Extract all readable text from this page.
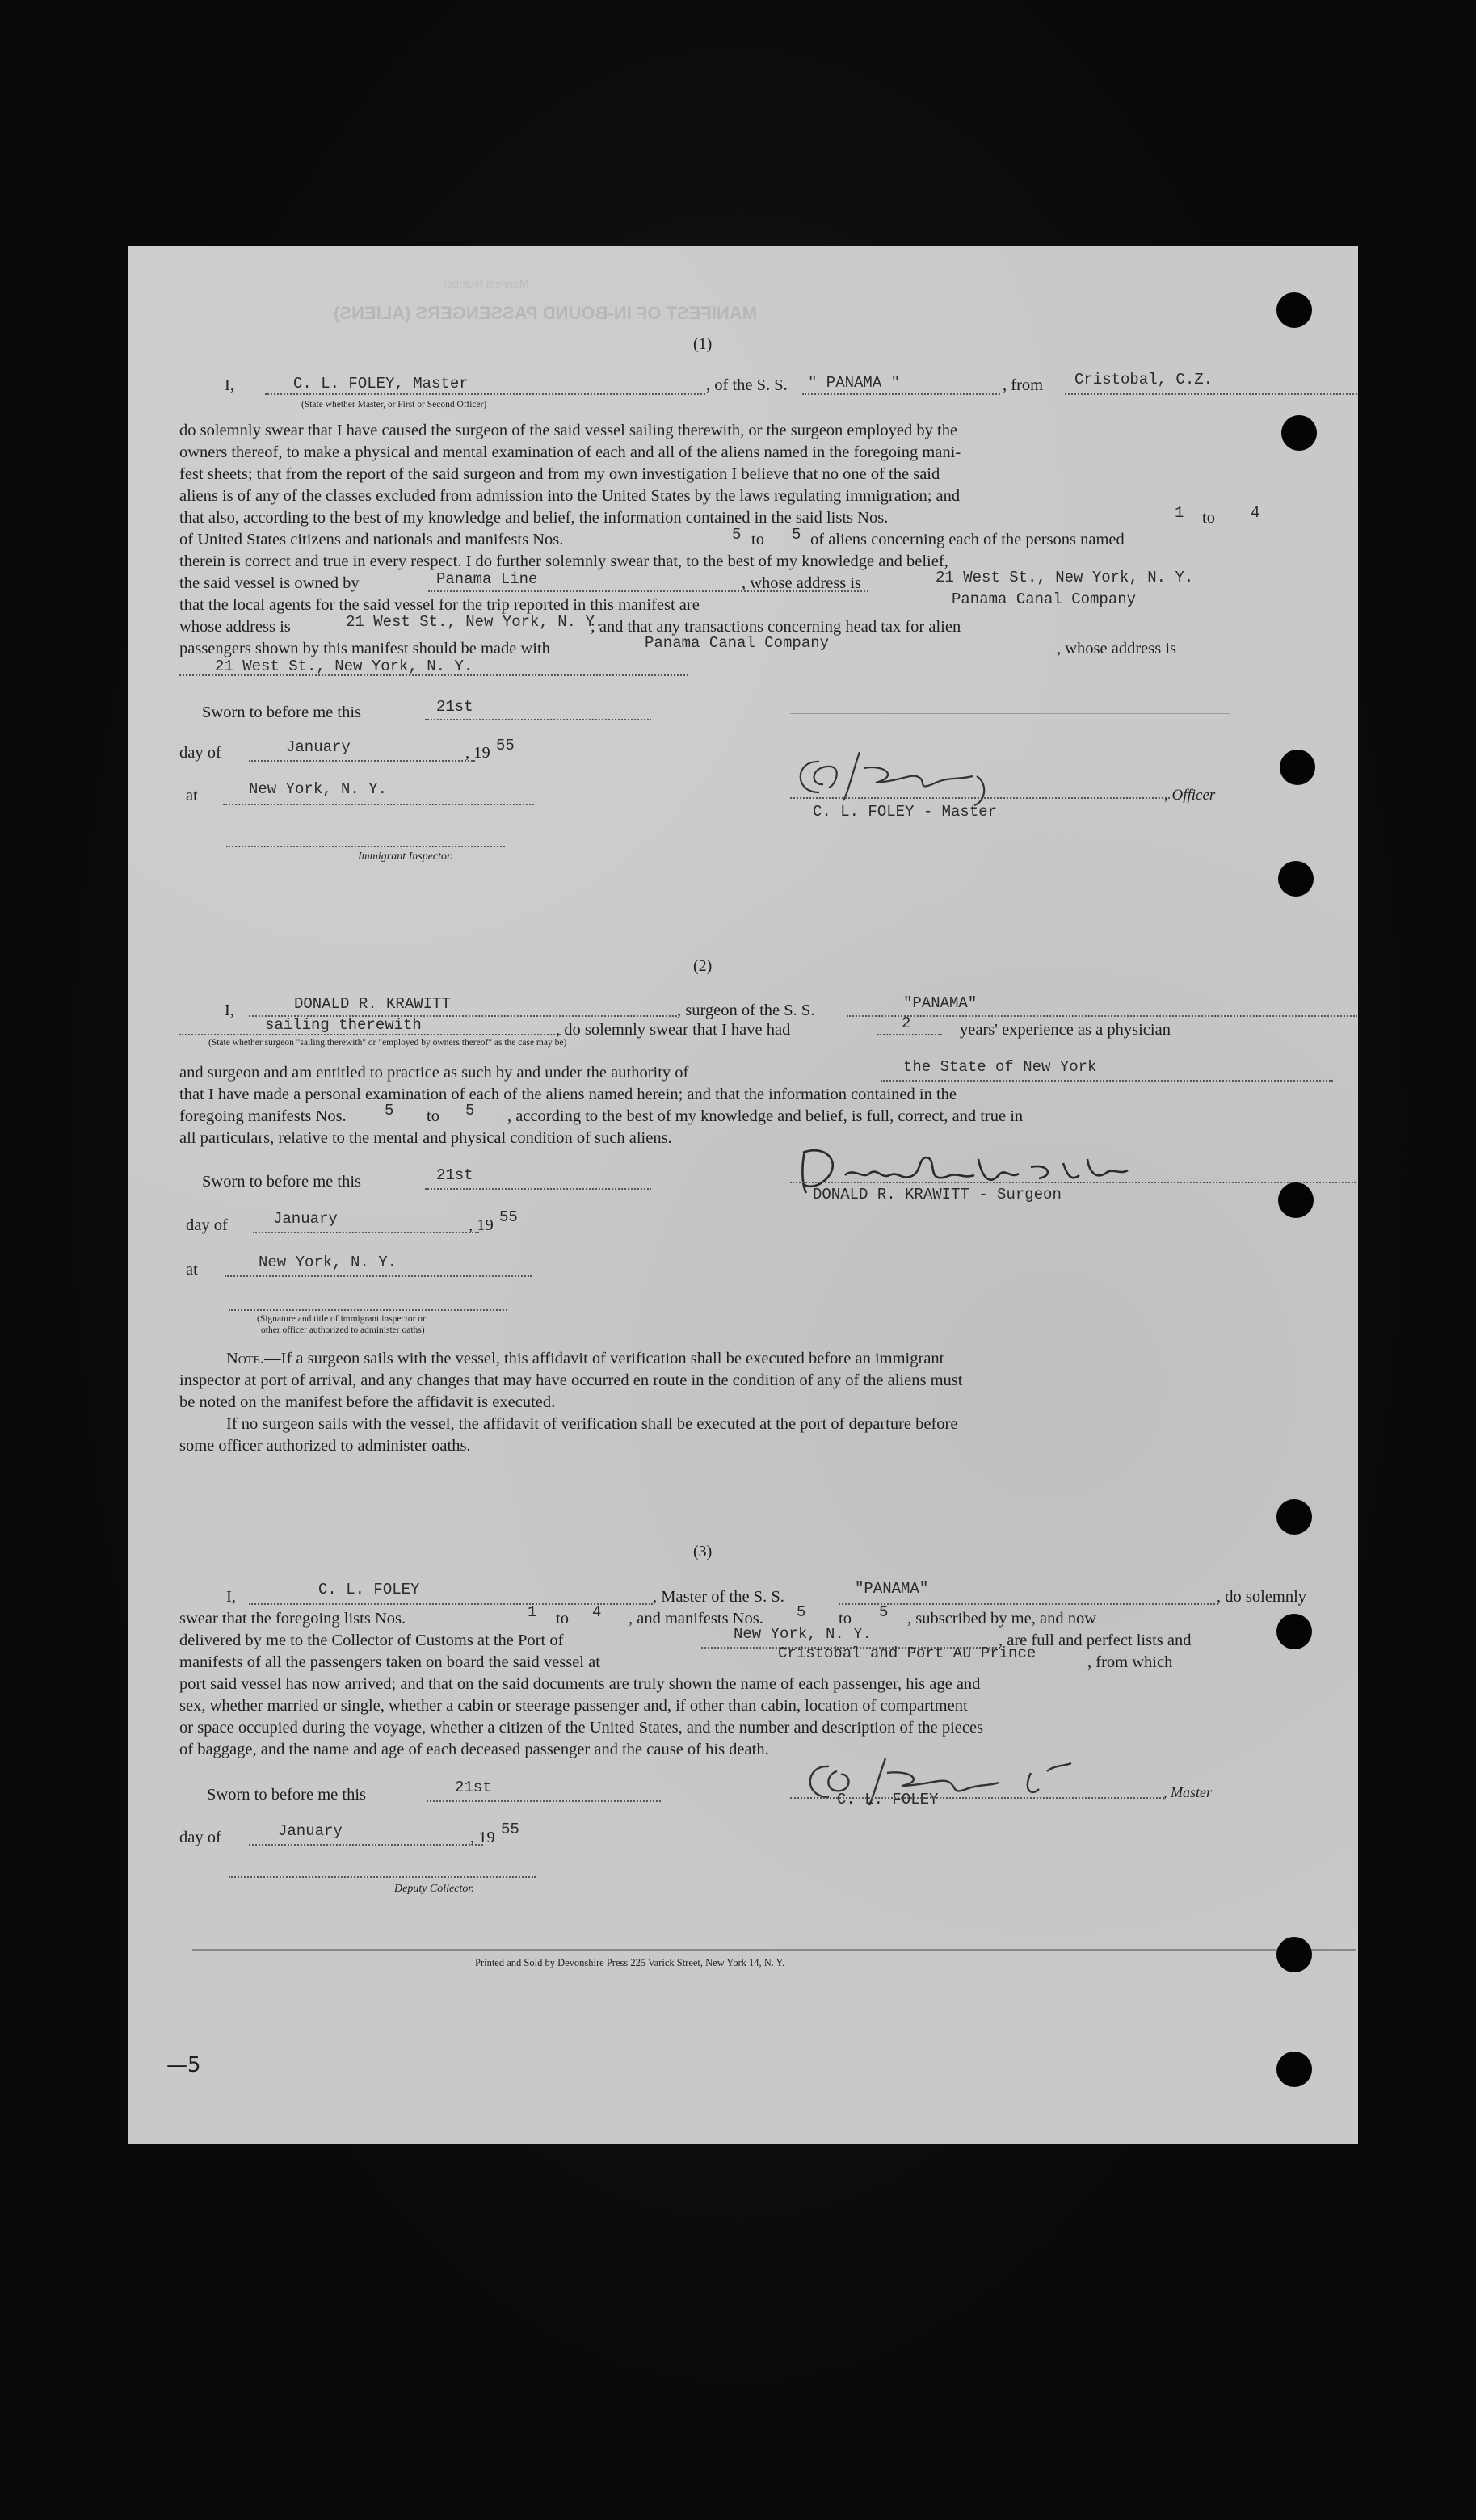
MANIFEST OF IN-BOUND PASSENGERS (ALIENS)
Manifest Number
(1)
I,	C. L. FOLEY, Master
(State whether Master, or First or Second Officer)
, of the S. S. " PANAMA "	, from Cristobal, C.Z.
do solemnly swear that I have caused the surgeon of the said vessel sailing therewith, or the surgeon employed by the
owners thereof, to make a physical and mental examination of each and all of the aliens named in the foregoing mani-
fest sheets; that from the report of the said surgeon and from my own investigation I believe that no one of the said
aliens is of any of the classes excluded from admission into the United States by the laws regulating immigration; and
that also, according to the best of my knowledge and belief, the information contained in the said lists Nos.	1 to 4
of United States citizens and nationals and manifests Nos.	5 to 5 of aliens concerning each of the persons named
therein is correct and true in every respect. I do further solemnly swear that, to the best of my knowledge and belief,
the said vessel is owned by	Panama Line	, whose address is	21 West St., New York, N. Y.
that the local agents for the said vessel for the trip reported in this manifest are	Panama Canal Company
whose address is	21 West St., New York, N. Y.
; and that any transactions concerning head tax for alien
passengers shown by this manifest should be made with	Panama Canal Company	, whose address is
21 West St., New York, N. Y.
Sworn to before me this	21st
day of	January	, 19 55
at	New York, N. Y.
C. L. FOLEY - Master
, Officer
Immigrant Inspector.
(2)
I,	DONALD R. KRAWITT	, surgeon of the S. S.	"PANAMA"
sailing therewith	, do solemnly swear that I have had	2	years' experience as a physician
(State whether surgeon "sailing therewith" or "employed by owners thereof" as the case may be)
and surgeon and am entitled to practice as such by and under the authority of	the State of New York
that I have made a personal examination of each of the aliens named herein; and that the information contained in the
foregoing manifests Nos. 5 to 5 , according to the best of my knowledge and belief, is full, correct, and true in
all particulars, relative to the mental and physical condition of such aliens.
Sworn to before me this	21st
DONALD R. KRAWITT - Surgeon
day of	January	, 19 55
at	New York, N. Y.
(Signature and title of immigrant inspector or
other officer authorized to administer oaths)
Note.—If a surgeon sails with the vessel, this affidavit of verification shall be executed before an immigrant
inspector at port of arrival, and any changes that may have occurred en route in the condition of any of the aliens must
be noted on the manifest before the affidavit is executed.
If no surgeon sails with the vessel, the affidavit of verification shall be executed at the port of departure before
some officer authorized to administer oaths.
(3)
I,	C. L. FOLEY	, Master of the S. S.	"PANAMA"	, do solemnly
swear that the foregoing lists Nos.	1 to 4 , and manifests Nos. 5 to 5 , subscribed by me, and now
delivered by me to the Collector of Customs at the Port of	New York, N. Y.	, are full and perfect lists and
manifests of all the passengers taken on board the said vessel at	Cristobal and Port Au Prince	, from which
port said vessel has now arrived; and that on the said documents are truly shown the name of each passenger, his age and
sex, whether married or single, whether a cabin or steerage passenger and, if other than cabin, location of compartment
or space occupied during the voyage, whether a citizen of the United States, and the number and description of the pieces
of baggage, and the name and age of each deceased passenger and the cause of his death.
Sworn to before me this	21st
C. L. FOLEY	, Master
day of	January	, 19 55
Deputy Collector.
Printed and Sold by Devonshire Press 225 Varick Street, New York 14, N. Y.
—5
